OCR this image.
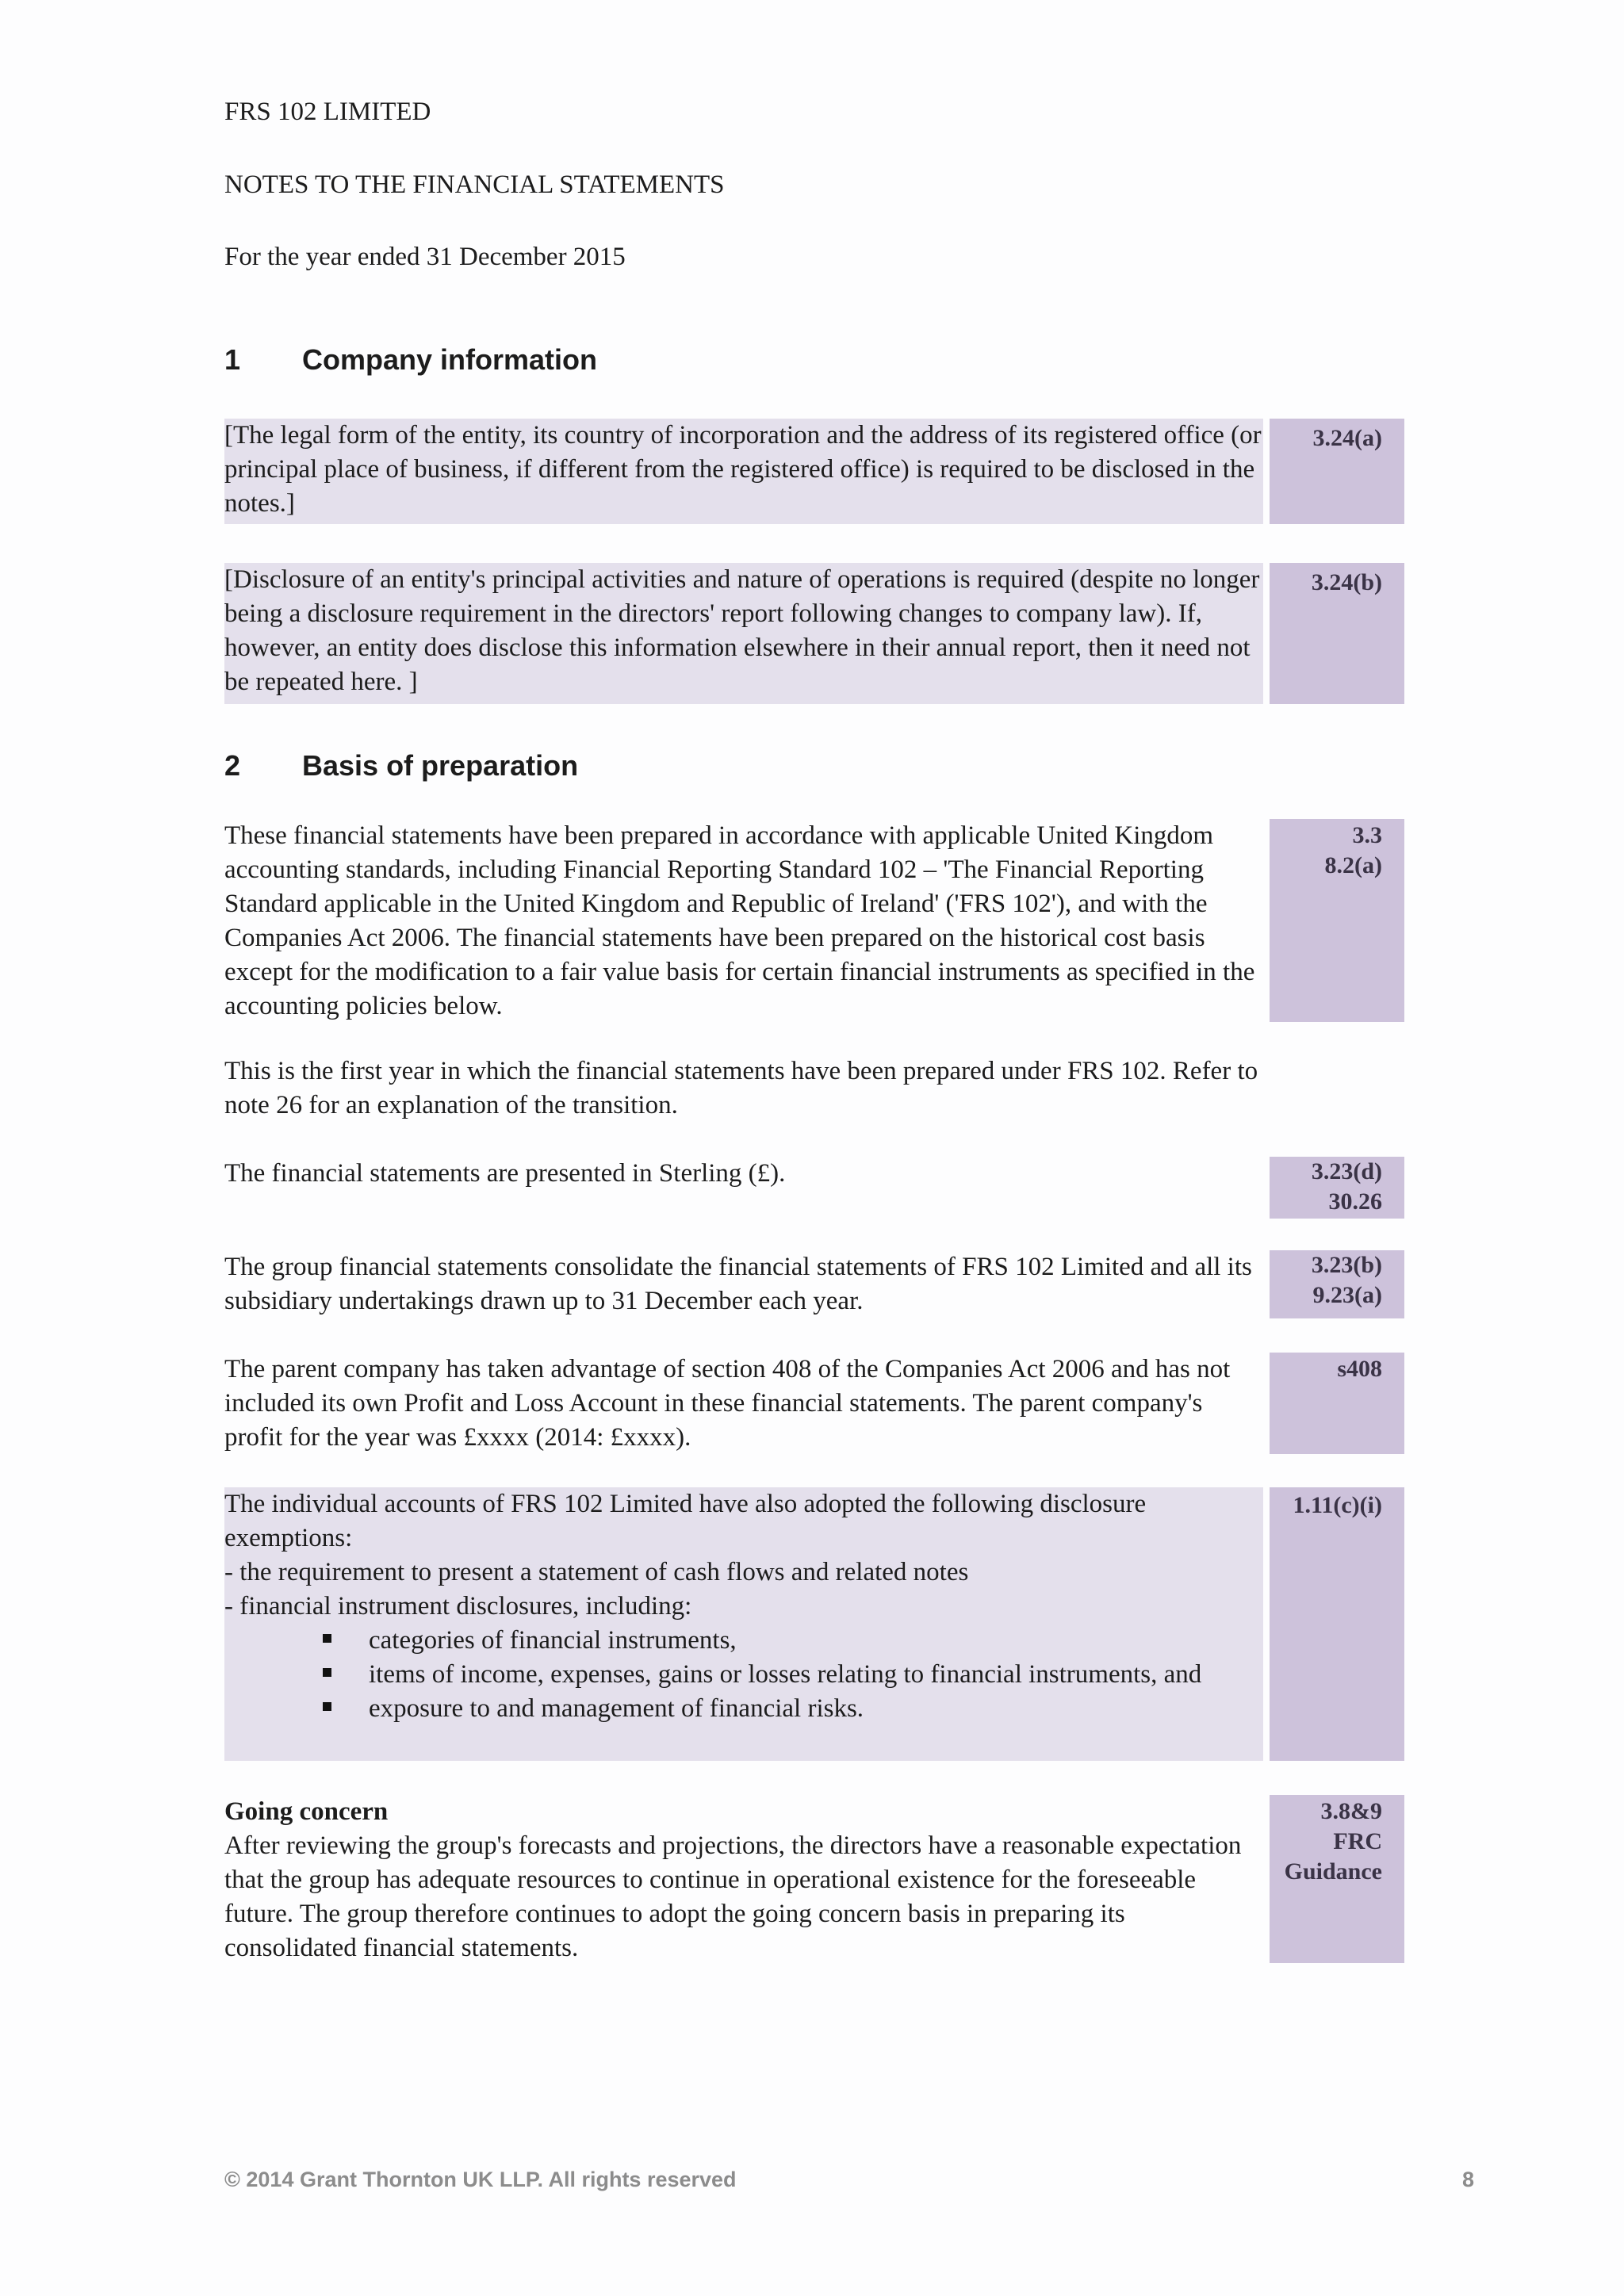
FRS 102 LIMITED
NOTES TO THE FINANCIAL STATEMENTS
For the year ended 31 December 2015
1 Company information

[The legal form of the entity, its country of incorporation and the address of its registered office (or principal place of business, if different from the registered office) is required to be disclosed in the notes.]

3.24(a)

[Disclosure of an entity's principal activities and nature of operations is required (despite no longer being a disclosure requirement in the directors' report following changes to company law). If, however, an entity does disclose this information elsewhere in their annual report, then it need not be repeated here. ]

3.24(b)
2 Basis of preparation

These financial statements have been prepared in accordance with applicable United Kingdom accounting standards, including Financial Reporting Standard 102 – 'The Financial Reporting Standard applicable in the United Kingdom and Republic of Ireland' ('FRS 102'), and with the Companies Act 2006. The financial statements have been prepared on the historical cost basis except for the modification to a fair value basis for certain financial instruments as specified in the accounting policies below.

3.3
8.2(a)

This is the first year in which the financial statements have been prepared under FRS 102. Refer to note 26 for an explanation of the transition.

The financial statements are presented in Sterling (£).	3.23(d)
30.26

The group financial statements consolidate the financial statements of FRS 102 Limited and all its subsidiary undertakings drawn up to 31 December each year.

3.23(b)
9.23(a)

The parent company has taken advantage of section 408 of the Companies Act 2006 and has not included its own Profit and Loss Account in these financial statements. The parent company's profit for the year was £xxxx (2014: £xxxx).

s408

The individual accounts of FRS 102 Limited have also adopted the following disclosure exemptions:

- the requirement to present a statement of cash flows and related notes

- financial instrument disclosures, including:

categories of financial instruments,

items of income, expenses, gains or losses relating to financial instruments, and

exposure to and management of financial risks.

1.11(c)(i)

Going concern

After reviewing the group's forecasts and projections, the directors have a reasonable expectation that the group has adequate resources to continue in operational existence for the foreseeable future. The group therefore continues to adopt the going concern basis in preparing its consolidated financial statements.

3.8&9
FRC
Guidance
© 2014 Grant Thornton UK LLP. All rights reserved	8
